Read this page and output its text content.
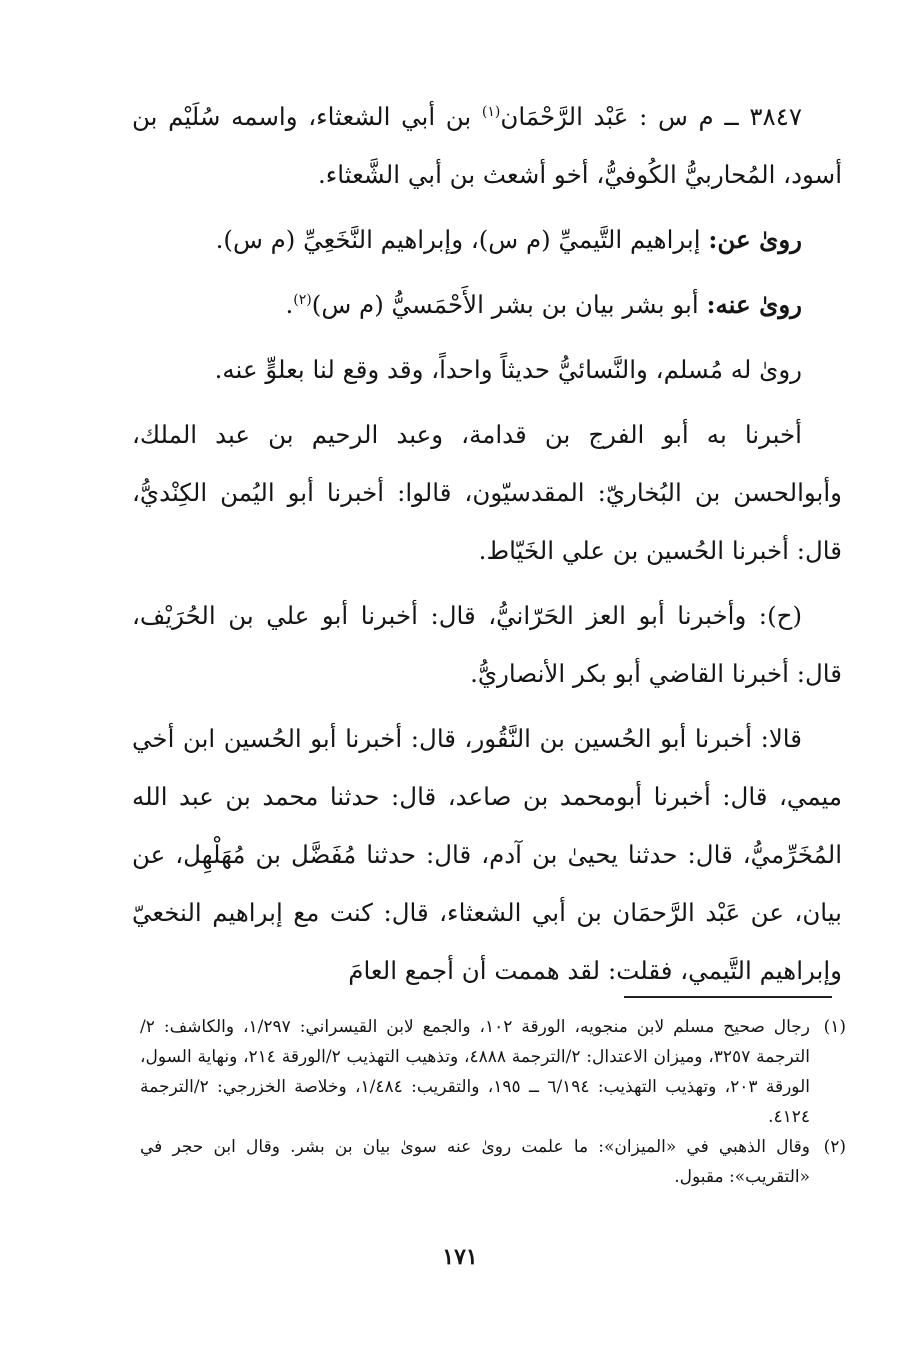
٣٨٤٧ ــ م س : عَبْد الرَّحْمَان$^{(١)}$ بن أبي الشعثاء، واسمه سُلَيْم بن أسود، المُحاربيُّ الكُوفيُّ، أخو أشعث بن أبي الشَّعثاء.

روىٰ عن: إبراهيم التَّيميِّ (م س)، وإبراهيم النَّخَعِيِّ (م س).

روىٰ عنه: أبو بشر بيان بن بشر الأَحْمَسيُّ (م س)$^{(٢)}$.

روىٰ له مُسلم، والنَّسائيُّ حديثاً واحداً، وقد وقع لنا بعلوٍّ عنه.

أخبرنا به أبو الفرج بن قدامة، وعبد الرحيم بن عبد الملك، وأبوالحسن بن البُخاريّ: المقدسيّون، قالوا: أخبرنا أبو اليُمن الكِنْديُّ، قال: أخبرنا الحُسين بن علي الخَيّاط.

(ح): وأخبرنا أبو العز الحَرّانيُّ، قال: أخبرنا أبو علي بن الحُرَيْف، قال: أخبرنا القاضي أبو بكر الأنصاريُّ.

قالا: أخبرنا أبو الحُسين بن النَّقُور، قال: أخبرنا أبو الحُسين ابن أخي ميمي، قال: أخبرنا أبومحمد بن صاعد، قال: حدثنا محمد بن عبد الله المُخَرِّميُّ، قال: حدثنا يحيىٰ بن آدم، قال: حدثنا مُفَضَّل بن مُهَلْهِل، عن بيان، عن عَبْد الرَّحمَان بن أبي الشعثاء، قال: كنت مع إبراهيم النخعيّ وإبراهيم التَّيمي، فقلت: لقد هممت أن أجمع العامَ

(١)
رجال صحيح مسلم لابن منجويه، الورقة ١٠٢، والجمع لابن القيسراني: ١/٢٩٧، والكاشف: ٢/الترجمة ٣٢٥٧، وميزان الاعتدال: ٢/الترجمة ٤٨٨٨، وتذهيب التهذيب ٢/الورقة ٢١٤، ونهاية السول، الورقة ٢٠٣، وتهذيب التهذيب: ٦/١٩٤ ــ ١٩٥، والتقريب: ١/٤٨٤، وخلاصة الخزرجي: ٢/الترجمة ٤١٢٤.

(٢)
وقال الذهبي في «الميزان»: ما علمت روىٰ عنه سوىٰ بيان بن بشر. وقال ابن حجر في «التقريب»: مقبول.

١٧١
